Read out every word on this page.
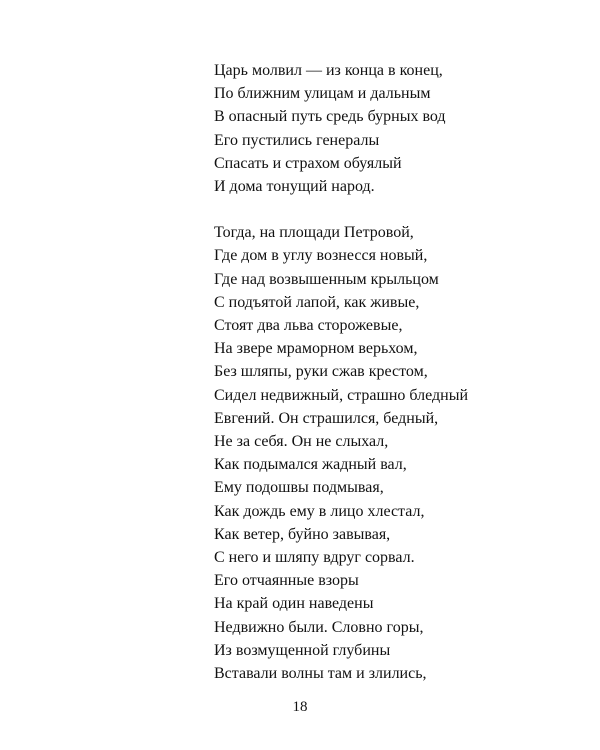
Царь молвил — из конца в конец,
По ближним улицам и дальным
В опасный путь средь бурных вод
Его пустились генералы
Спасать и страхом обуялый
И дома тонущий народ.
Тогда, на площади Петровой,
Где дом в углу вознесся новый,
Где над возвышенным крыльцом
С подъятой лапой, как живые,
Стоят два льва сторожевые,
На звере мраморном верьхом,
Без шляпы, руки сжав крестом,
Сидел недвижный, страшно бледный
Евгений. Он страшился, бедный,
Не за себя. Он не слыхал,
Как подымался жадный вал,
Ему подошвы подмывая,
Как дождь ему в лицо хлестал,
Как ветер, буйно завывая,
С него и шляпу вдруг сорвал.
Его отчаянные взоры
На край один наведены
Недвижно были. Словно горы,
Из возмущенной глубины
Вставали волны там и злились,
18
